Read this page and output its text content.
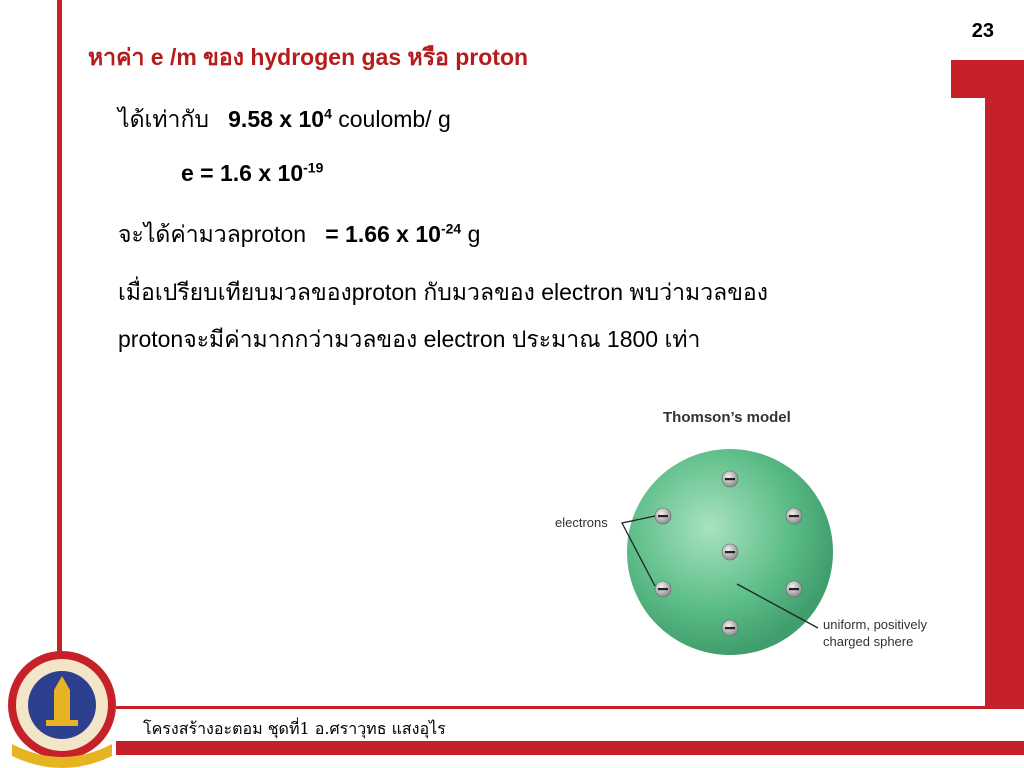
23
หาค่า e /m ของ hydrogen gas หรือ proton
ได้เท่ากับ 9.58 x $10^4$ coulomb/ g
e = 1.6 x $10^{-19}$
จะได้ค่ามวลproton = 1.66 x $10^{-24}$ g
เมื่อเปรียบเทียบมวลของproton กับมวลของ electron พบว่ามวลของ
protonจะมีค่ามากกว่ามวลของ electron ประมาณ 1800 เท่า
Thomson’s model
electrons
uniform, positively
charged sphere
โครงสร้างอะตอม ชุดที่1 อ.ศราวุทธ แสงอุไร
